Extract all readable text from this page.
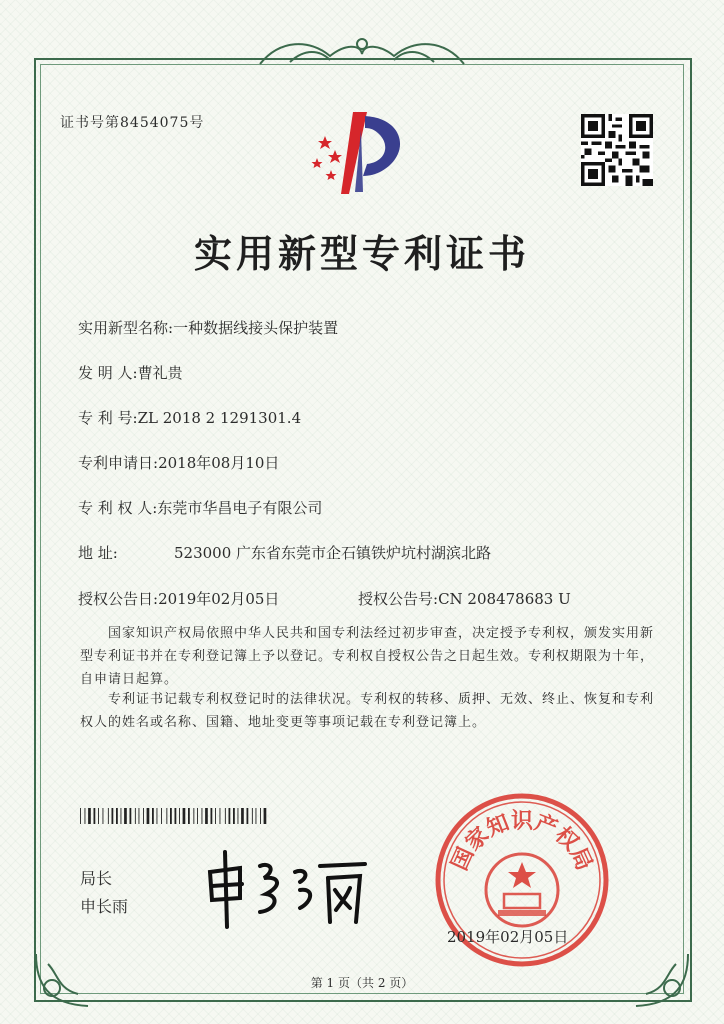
证书号第8454075号
实用新型专利证书
实用新型名称:一种数据线接头保护装置
发 明 人:曹礼贵
专 利 号:ZL 2018 2 1291301.4
专利申请日:2018年08月10日
专 利 权 人:东莞市华昌电子有限公司
地 址:	523000 广东省东莞市企石镇铁炉坑村湖滨北路
授权公告日:2019年02月05日	授权公告号:CN 208478683 U
国家知识产权局依照中华人民共和国专利法经过初步审查，决定授予专利权，颁发实用新型专利证书并在专利登记簿上予以登记。专利权自授权公告之日起生效。专利权期限为十年，自申请日起算。
专利证书记载专利权登记时的法律状况。专利权的转移、质押、无效、终止、恢复和专利权人的姓名或名称、国籍、地址变更等事项记载在专利登记簿上。
局长
申长雨
国家知识产权局
2019年02月05日
第 1 页（共 2 页）
